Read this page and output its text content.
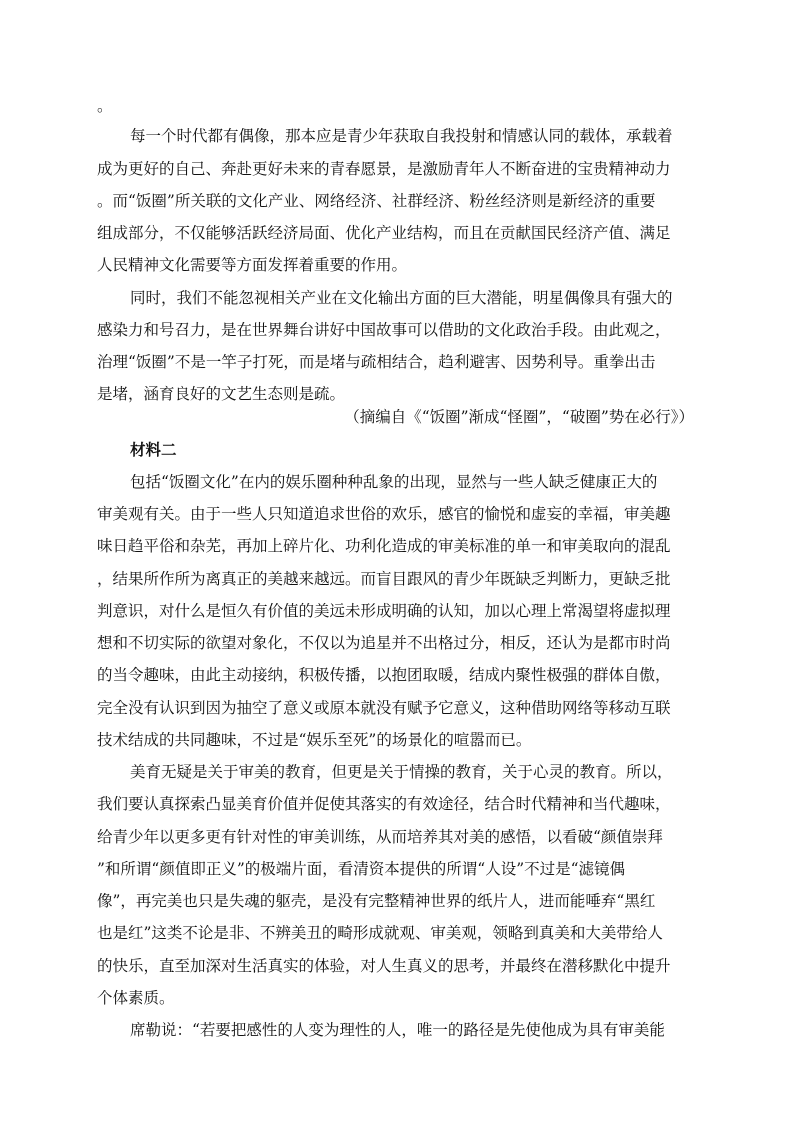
。
每一个时代都有偶像，那本应是青少年获取自我投射和情感认同的载体，承载着
成为更好的自己、奔赴更好未来的青春愿景，是激励青年人不断奋进的宝贵精神动力
。而“饭圈”所关联的文化产业、网络经济、社群经济、粉丝经济则是新经济的重要
组成部分，不仅能够活跃经济局面、优化产业结构，而且在贡献国民经济产值、满足
人民精神文化需要等方面发挥着重要的作用。
同时，我们不能忽视相关产业在文化输出方面的巨大潜能，明星偶像具有强大的
感染力和号召力，是在世界舞台讲好中国故事可以借助的文化政治手段。由此观之，
治理“饭圈”不是一竿子打死，而是堵与疏相结合，趋利避害、因势利导。重拳出击
是堵，涵育良好的文艺生态则是疏。
（摘编自《“饭圈”渐成“怪圈”，“破圈”势在必行》）
材料二
包括“饭圈文化”在内的娱乐圈种种乱象的出现，显然与一些人缺乏健康正大的
审美观有关。由于一些人只知道追求世俗的欢乐，感官的愉悦和虚妄的幸福，审美趣
味日趋平俗和杂芜，再加上碎片化、功利化造成的审美标准的单一和审美取向的混乱
，结果所作所为离真正的美越来越远。而盲目跟风的青少年既缺乏判断力，更缺乏批
判意识，对什么是恒久有价值的美远未形成明确的认知，加以心理上常渴望将虚拟理
想和不切实际的欲望对象化，不仅以为追星并不出格过分，相反，还认为是都市时尚
的当令趣味，由此主动接纳，积极传播，以抱团取暖，结成内聚性极强的群体自傲，
完全没有认识到因为抽空了意义或原本就没有赋予它意义，这种借助网络等移动互联
技术结成的共同趣味，不过是“娱乐至死”的场景化的喧嚣而已。
美育无疑是关于审美的教育，但更是关于情操的教育，关于心灵的教育。所以，
我们要认真探索凸显美育价值并促使其落实的有效途径，结合时代精神和当代趣味，
给青少年以更多更有针对性的审美训练，从而培养其对美的感悟，以看破“颜值崇拜
”和所谓“颜值即正义”的极端片面，看清资本提供的所谓“人设”不过是“滤镜偶
像”，再完美也只是失魂的躯壳，是没有完整精神世界的纸片人，进而能唾弃“黑红
也是红”这类不论是非、不辨美丑的畸形成就观、审美观，领略到真美和大美带给人
的快乐，直至加深对生活真实的体验，对人生真义的思考，并最终在潜移默化中提升
个体素质。
席勒说：“若要把感性的人变为理性的人，唯一的路径是先使他成为具有审美能
